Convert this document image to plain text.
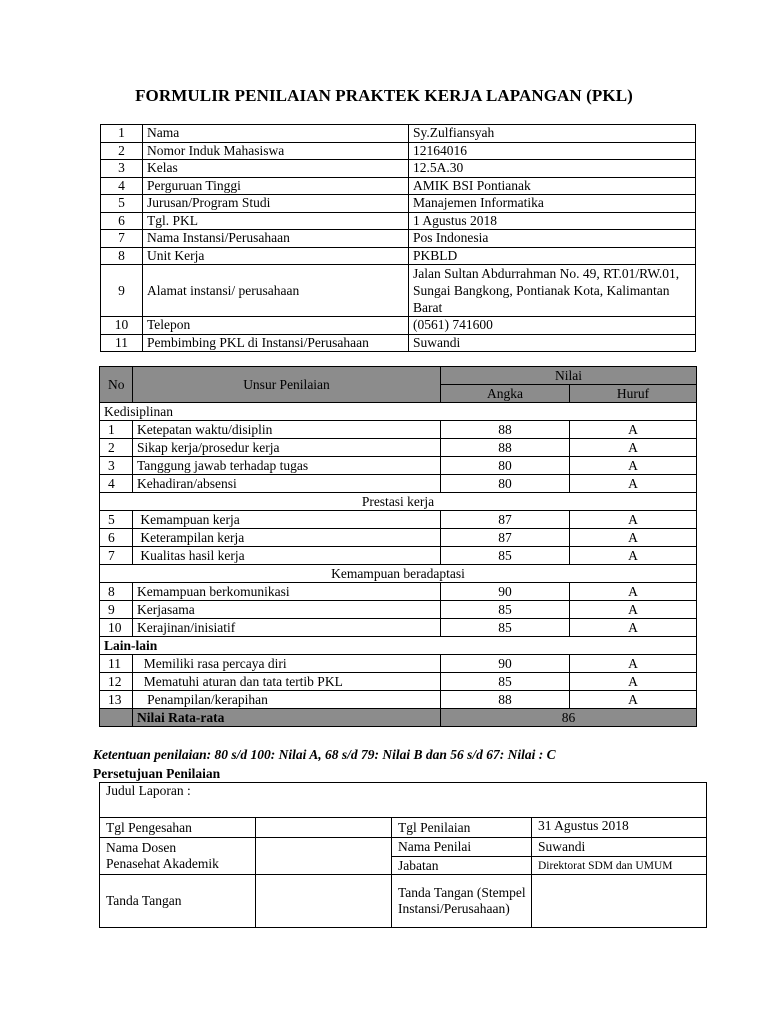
FORMULIR PENILAIAN PRAKTEK KERJA LAPANGAN (PKL)
1	Nama	Sy.Zulfiansyah
2	Nomor Induk Mahasiswa	12164016
3	Kelas	12.5A.30
4	Perguruan Tinggi	AMIK BSI Pontianak
5	Jurusan/Program Studi	Manajemen Informatika
6	Tgl. PKL	1 Agustus 2018
7	Nama Instansi/Perusahaan	Pos Indonesia
8	Unit Kerja	PKBLD
9	Alamat instansi/ perusahaan	Jalan Sultan Abdurrahman No. 49, RT.01/RW.01, Sungai Bangkong, Pontianak Kota, Kalimantan Barat
10	Telepon	(0561) 741600
11	Pembimbing PKL di Instansi/Perusahaan	Suwandi
No	Unsur Penilaian	Nilai	
		Angka	Huruf
Kedisiplinan			
1	Ketepatan waktu/disiplin	88	A
2	Sikap kerja/prosedur kerja	88	A
3	Tanggung jawab terhadap tugas	80	A
4	Kehadiran/absensi	80	A
Prestasi kerja			
5	Kemampuan kerja	87	A
6	Keterampilan kerja	87	A
7	Kualitas hasil kerja	85	A
Kemampuan beradaptasi			
8	Kemampuan berkomunikasi	90	A
9	Kerjasama	85	A
10	Kerajinan/inisiatif	85	A
Lain-lain			
11	Memiliki rasa percaya diri	90	A
12	Mematuhi aturan dan tata tertib PKL	85	A
13	Penampilan/kerapihan	88	A
	Nilai Rata-rata	86	
Ketentuan penilaian: 80 s/d 100: Nilai A, 68 s/d 79: Nilai B dan 56 s/d 67: Nilai : C
Persetujuan Penilaian
Judul Laporan :			
Tgl Pengesahan		Tgl Penilaian	31 Agustus 2018

Nama Dosen
Penasehat Akademik		Nama Penilai	Suwandi
		Jabatan	Direktorat SDM dan UMUM
Tanda Tangan		Tanda Tangan (Stempel Instansi/Perusahaan)	
